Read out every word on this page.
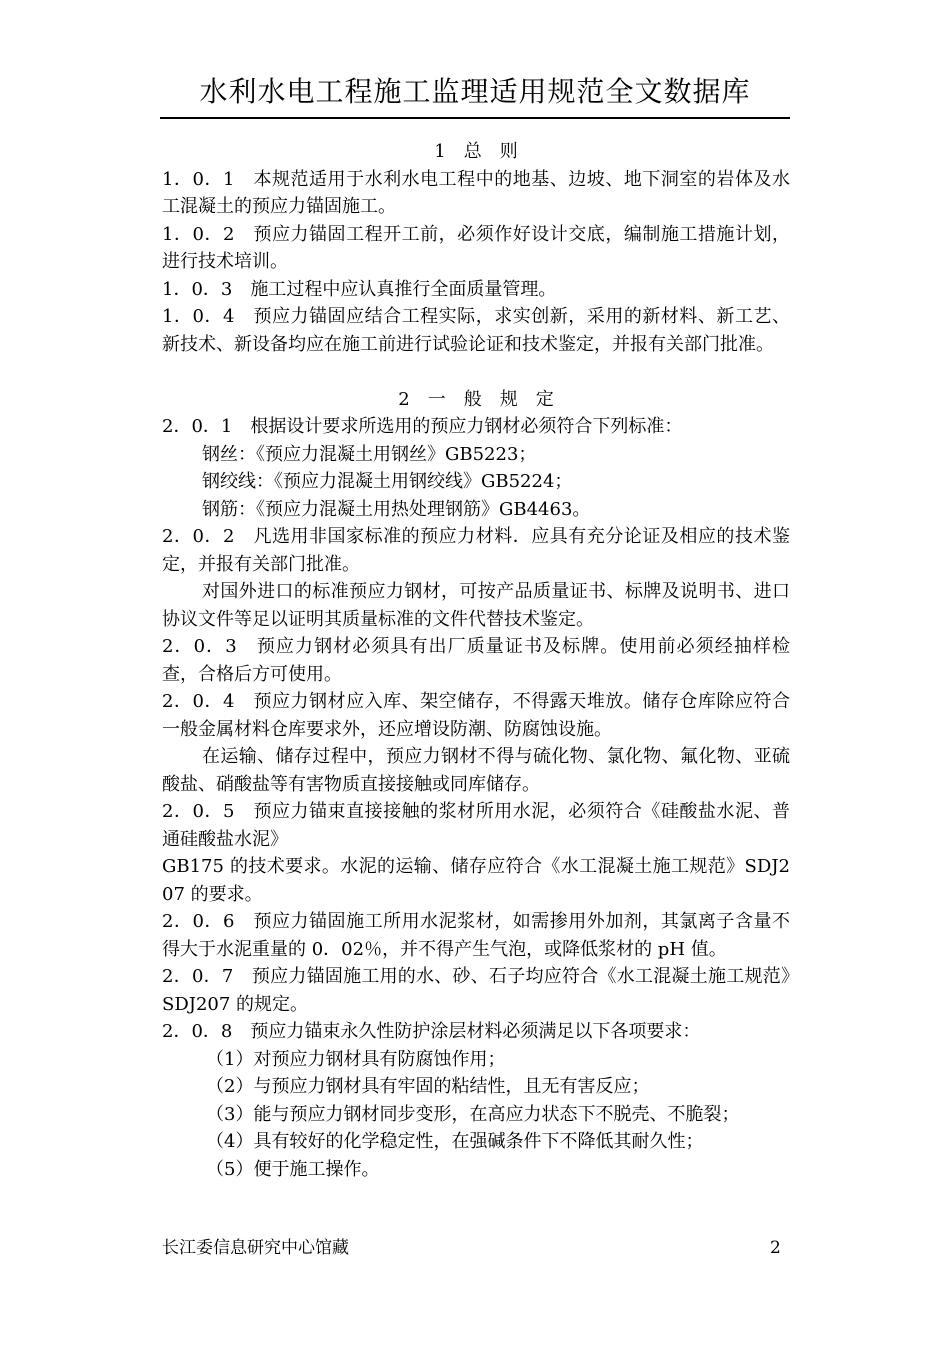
水利水电工程施工监理适用规范全文数据库
1　总　则
1．0．1　本规范适用于水利水电工程中的地基、边坡、地下洞室的岩体及水工混凝土的预应力锚固施工。
1．0．2　预应力锚固工程开工前，必须作好设计交底，编制施工措施计划，进行技术培训。
1．0．3　施工过程中应认真推行全面质量管理。
1．0．4　预应力锚固应结合工程实际，求实创新，采用的新材料、新工艺、新技术、新设备均应在施工前进行试验论证和技术鉴定，并报有关部门批准。
2　一　般　规　定
2．0．1　根据设计要求所选用的预应力钢材必须符合下列标准：
钢丝：《预应力混凝土用钢丝》GB5223；
钢绞线：《预应力混凝土用钢绞线》GB5224；
钢筋：《预应力混凝土用热处理钢筋》GB4463。
2．0．2　凡选用非国家标准的预应力材料．应具有充分论证及相应的技术鉴定，并报有关部门批准。
对国外进口的标准预应力钢材，可按产品质量证书、标牌及说明书、进口协议文件等足以证明其质量标准的文件代替技术鉴定。
2．0．3　预应力钢材必须具有出厂质量证书及标牌。使用前必须经抽样检查，合格后方可使用。
2．0．4　预应力钢材应入库、架空储存，不得露天堆放。储存仓库除应符合一般金属材料仓库要求外，还应增设防潮、防腐蚀设施。
在运输、储存过程中，预应力钢材不得与硫化物、氯化物、氟化物、亚硫酸盐、硝酸盐等有害物质直接接触或同库储存。
2．0．5　预应力锚束直接接触的浆材所用水泥，必须符合《硅酸盐水泥、普通硅酸盐水泥》
GB175 的技术要求。水泥的运输、储存应符合《水工混凝土施工规范》SDJ207 的要求。
2．0．6　预应力锚固施工所用水泥浆材，如需掺用外加剂，其氯离子含量不得大于水泥重量的 0．02％，并不得产生气泡，或降低浆材的 pH 值。
2．0．7　预应力锚固施工用的水、砂、石子均应符合《水工混凝土施工规范》SDJ207 的规定。
2．0．8　预应力锚束永久性防护涂层材料必须满足以下各项要求：
（1）对预应力钢材具有防腐蚀作用；
（2）与预应力钢材具有牢固的粘结性，且无有害反应；
（3）能与预应力钢材同步变形，在高应力状态下不脱壳、不脆裂；
（4）具有较好的化学稳定性，在强碱条件下不降低其耐久性；
（5）便于施工操作。
长江委信息研究中心馆藏	2
